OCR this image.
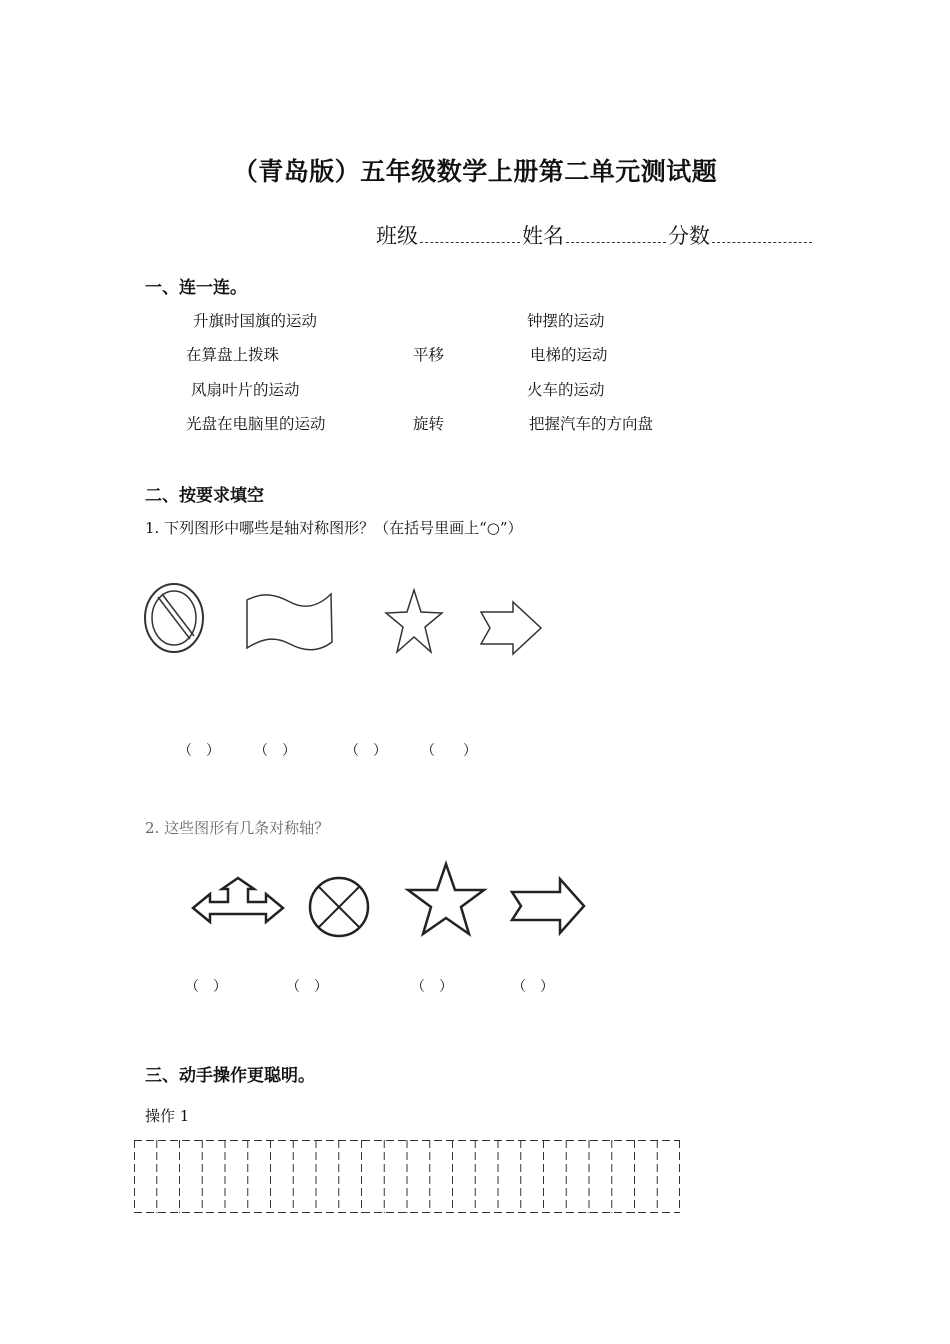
（青岛版）五年级数学上册第二单元测试题
班级	姓名	分数
一、连一连。
升旗时国旗的运动
在算盘上拨珠
风扇叶片的运动
光盘在电脑里的运动
平移
旋转
钟摆的运动
电梯的运动
火车的运动
把握汽车的方向盘
二、按要求填空
1. 下列图形中哪些是轴对称图形？（在括号里画上“○”）
（　） （　）	（　） （　　）
2. 这些图形有几条对称轴？
（　）	（　）	（　）	（　）
三、动手操作更聪明。
操作 1
